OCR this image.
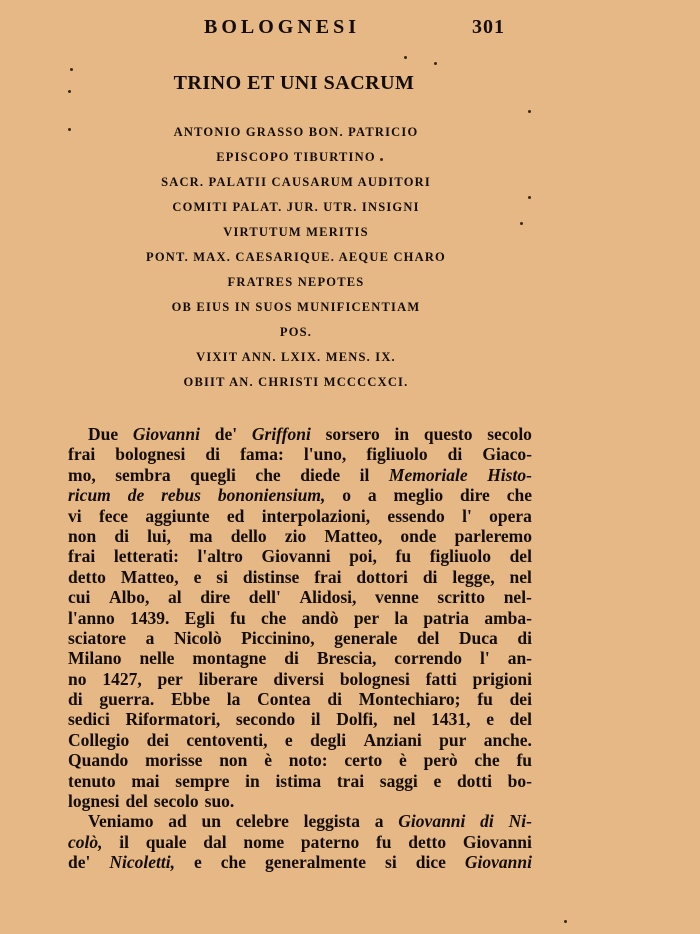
BOLOGNESI	301
TRINO ET UNI SACRUM
ANTONIO GRASSO BON. PATRICIO
EPISCOPO TIBURTINO
SACR. PALATII CAUSARUM AUDITORI
COMITI PALAT. JUR. UTR. INSIGNI
VIRTUTUM MERITIS
PONT. MAX. CAESARIQUE. AEQUE CHARO
FRATRES NEPOTES
OB EIUS IN SUOS MUNIFICENTIAM
POS.
VIXIT ANN. LXIX. MENS. IX.
OBIIT AN. CHRISTI MCCCCXCI.
Due Giovanni de' Griffoni sorsero in questo secolo
frai bolognesi di fama: l'uno, figliuolo di Giaco-
mo, sembra quegli che diede il Memoriale Histo-
ricum de rebus bononiensium, o a meglio dire che
vi fece aggiunte ed interpolazioni, essendo l' opera
non di lui, ma dello zio Matteo, onde parleremo
frai letterati: l'altro Giovanni poi, fu figliuolo del
detto Matteo, e si distinse frai dottori di legge, nel
cui Albo, al dire dell' Alidosi, venne scritto nel-
l'anno 1439. Egli fu che andò per la patria amba-
sciatore a Nicolò Piccinino, generale del Duca di
Milano nelle montagne di Brescia, correndo l' an-
no 1427, per liberare diversi bolognesi fatti prigioni
di guerra. Ebbe la Contea di Montechiaro; fu dei
sedici Riformatori, secondo il Dolfi, nel 1431, e del
Collegio dei centoventi, e degli Anziani pur anche.
Quando morisse non è noto: certo è però che fu
tenuto mai sempre in istima trai saggi e dotti bo-
lognesi del secolo suo.
Veniamo ad un celebre leggista a Giovanni di Ni-
colò, il quale dal nome paterno fu detto Giovanni
de' Nicoletti, e che generalmente si dice Giovanni
